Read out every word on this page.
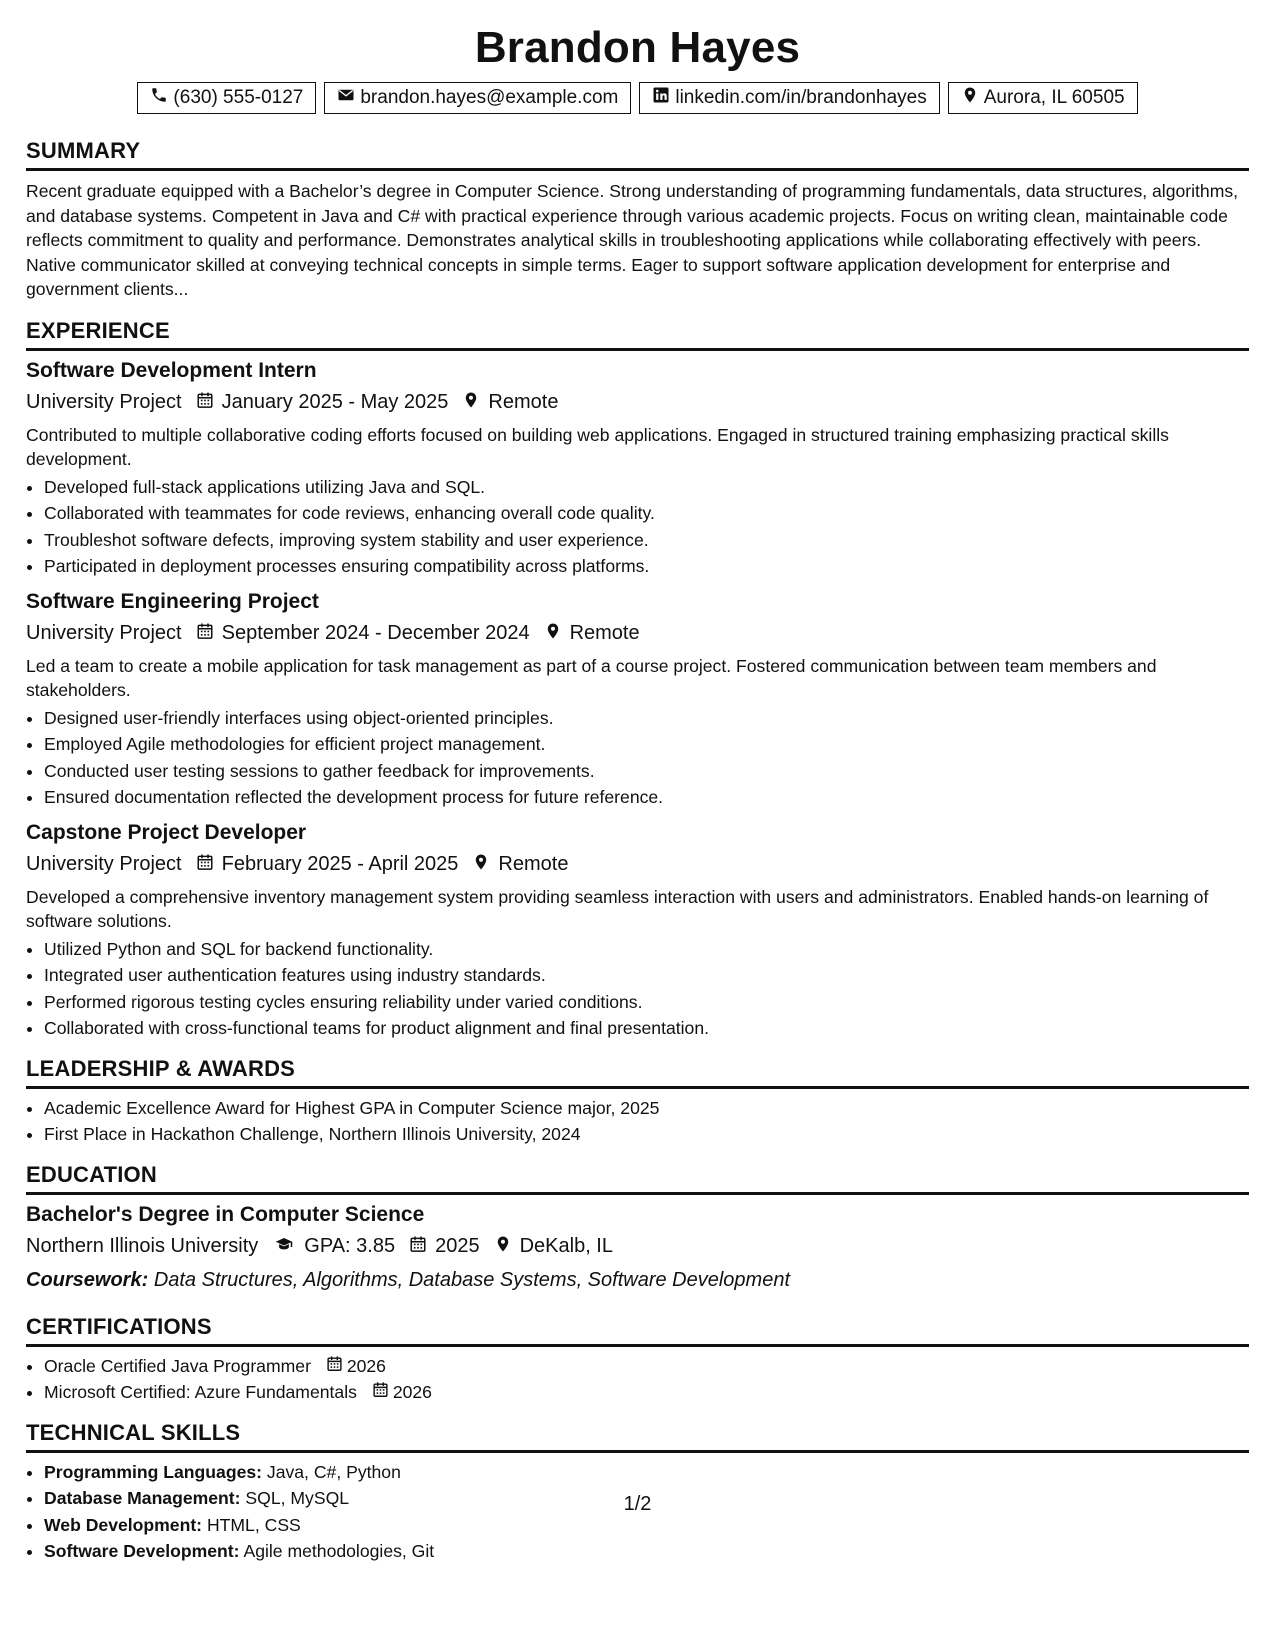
Brandon Hayes
(630) 555-0127	brandon.hayes@example.com	linkedin.com/in/brandonhayes	Aurora, IL 60505
SUMMARY
Recent graduate equipped with a Bachelor’s degree in Computer Science. Strong understanding of programming fundamentals, data structures, algorithms, and database systems. Competent in Java and C# with practical experience through various academic projects. Focus on writing clean, maintainable code reflects commitment to quality and performance. Demonstrates analytical skills in troubleshooting applications while collaborating effectively with peers. Native communicator skilled at conveying technical concepts in simple terms. Eager to support software application development for enterprise and government clients...
EXPERIENCE
Software Development Intern
University Project January 2025 - May 2025 Remote
Contributed to multiple collaborative coding efforts focused on building web applications. Engaged in structured training emphasizing practical skills development.
• Developed full-stack applications utilizing Java and SQL.
• Collaborated with teammates for code reviews, enhancing overall code quality.
• Troubleshot software defects, improving system stability and user experience.
• Participated in deployment processes ensuring compatibility across platforms.
Software Engineering Project
University Project September 2024 - December 2024 Remote
Led a team to create a mobile application for task management as part of a course project. Fostered communication between team members and stakeholders.
• Designed user-friendly interfaces using object-oriented principles.
• Employed Agile methodologies for efficient project management.
• Conducted user testing sessions to gather feedback for improvements.
• Ensured documentation reflected the development process for future reference.
Capstone Project Developer
University Project February 2025 - April 2025 Remote
Developed a comprehensive inventory management system providing seamless interaction with users and administrators. Enabled hands-on learning of software solutions.
• Utilized Python and SQL for backend functionality.
• Integrated user authentication features using industry standards.
• Performed rigorous testing cycles ensuring reliability under varied conditions.
• Collaborated with cross-functional teams for product alignment and final presentation.
LEADERSHIP & AWARDS
• Academic Excellence Award for Highest GPA in Computer Science major, 2025
• First Place in Hackathon Challenge, Northern Illinois University, 2024
EDUCATION
Bachelor's Degree in Computer Science
Northern Illinois University GPA: 3.85 2025 DeKalb, IL
Coursework: Data Structures, Algorithms, Database Systems, Software Development
CERTIFICATIONS
• Oracle Certified Java Programmer 2026
• Microsoft Certified: Azure Fundamentals 2026
TECHNICAL SKILLS
• Programming Languages: Java, C#, Python
• Database Management: SQL, MySQL
• Web Development: HTML, CSS
• Software Development: Agile methodologies, Git
1/2
